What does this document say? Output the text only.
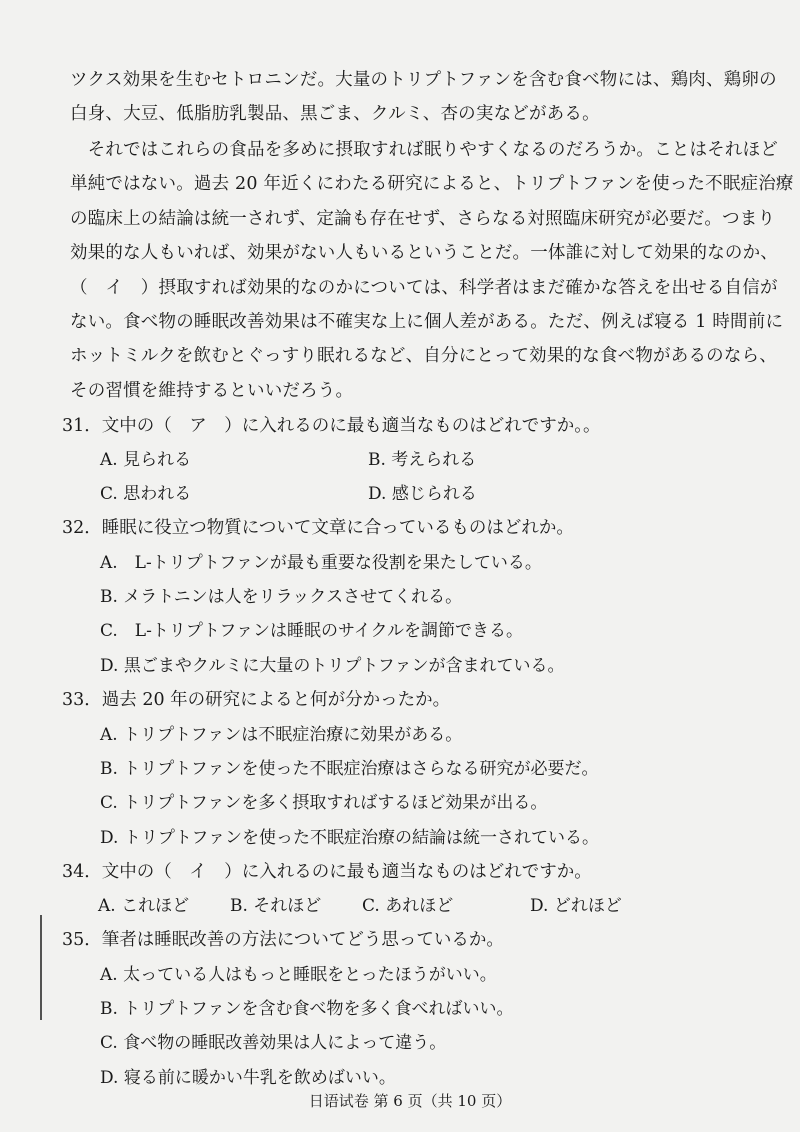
ツクス効果を生むセトロニンだ。大量のトリプトファンを含む食べ物には、鶏肉、鶏卵の
白身、大豆、低脂肪乳製品、黒ごま、クルミ、杏の実などがある。
　それではこれらの食品を多めに摂取すれば眠りやすくなるのだろうか。ことはそれほど
単純ではない。過去 20 年近くにわたる研究によると、トリプトファンを使った不眠症治療
の臨床上の結論は統一されず、定論も存在せず、さらなる対照臨床研究が必要だ。つまり
効果的な人もいれば、効果がない人もいるということだ。一体誰に対して効果的なのか、
（　イ　）摂取すれば効果的なのかについては、科学者はまだ確かな答えを出せる自信が
ない。食べ物の睡眠改善効果は不確実な上に個人差がある。ただ、例えば寝る 1 時間前に
ホットミルクを飲むとぐっすり眠れるなど、自分にとって効果的な食べ物があるのなら、
その習慣を維持するといいだろう。
31．文中の（　ア　）に入れるのに最も適当なものはどれですか。。
A. 見られる	B. 考えられる
C. 思われる	D. 感じられる
32．睡眠に役立つ物質について文章に合っているものはどれか。
A.　L-トリプトファンが最も重要な役割を果たしている。
B. メラトニンは人をリラックスさせてくれる。
C.　L-トリプトファンは睡眠のサイクルを調節できる。
D. 黒ごまやクルミに大量のトリプトファンが含まれている。
33．過去 20 年の研究によると何が分かったか。
A. トリプトファンは不眠症治療に効果がある。
B. トリプトファンを使った不眠症治療はさらなる研究が必要だ。
C. トリプトファンを多く摂取すればするほど効果が出る。
D. トリプトファンを使った不眠症治療の結論は統一されている。
34．文中の（　イ　）に入れるのに最も適当なものはどれですか。
A. これほど B. それほど C. あれほど	D. どれほど
35．筆者は睡眠改善の方法についてどう思っているか。
A. 太っている人はもっと睡眠をとったほうがいい。
B. トリプトファンを含む食べ物を多く食べればいい。
C. 食べ物の睡眠改善効果は人によって違う。
D. 寝る前に暖かい牛乳を飲めばいい。
日语试卷 第 6 页（共 10 页）
